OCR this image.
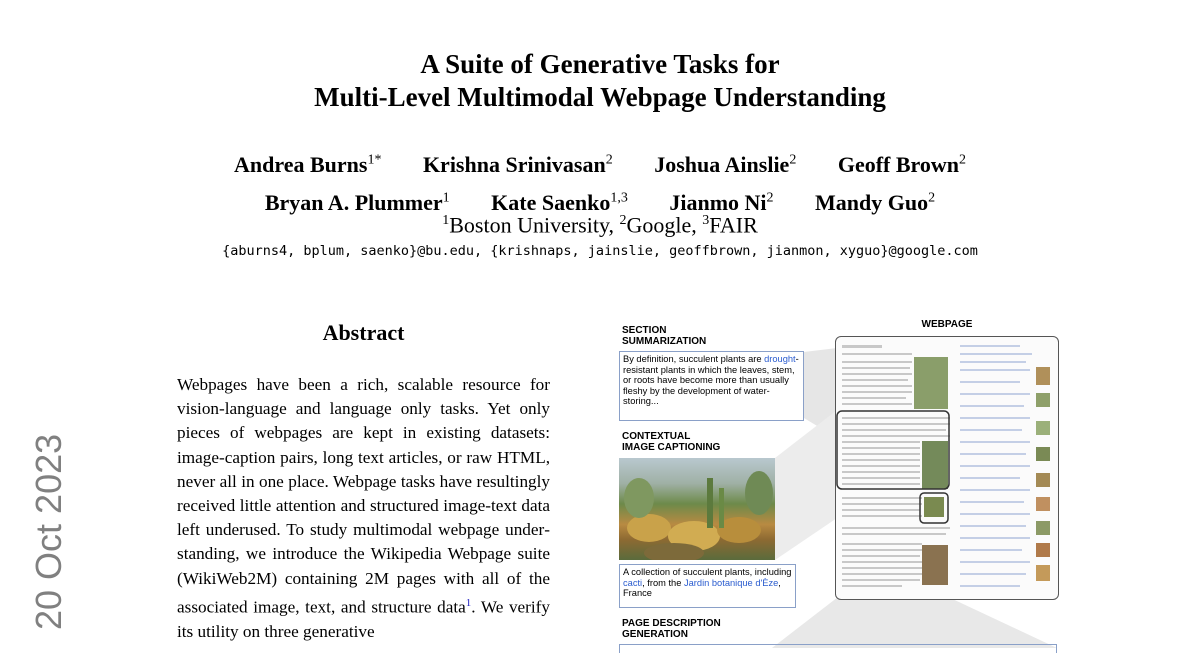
A Suite of Generative Tasks for
Multi-Level Multimodal Webpage Understanding
Andrea Burns$^{1*}$ Krishna Srinivasan$^2$ Joshua Ainslie$^2$ Geoff Brown$^2$
Bryan A. Plummer$^1$ Kate Saenko$^{1,3}$ Jianmo Ni$^2$ Mandy Guo$^2$
$^1$Boston University, $^2$Google, $^3$FAIR
{aburns4, bplum, saenko}@bu.edu, {krishnaps, jainslie, geoffbrown, jianmon, xyguo}@google.com
20 Oct 2023
Abstract
Webpages have been a rich, scalable resource for vision-language and language only tasks. Yet only pieces of webpages are kept in existing datasets: image-caption pairs, long text articles, or raw HTML, never all in one place. Webpage tasks have resultingly received little attention and structured image-text data left underused. To study multimodal webpage understanding, we introduce the Wikipedia Webpage suite (WikiWeb2M) containing 2M pages with all of the associated image, text, and structure data$^1$. We verify its utility on three generative
SECTION
SUMMARIZATION
By definition, succulent plants are drought-resistant plants in which the leaves, stem, or roots have become more than usually fleshy by the development of water-storing...
CONTEXTUAL
IMAGE CAPTIONING
A collection of succulent plants, including cacti, from the Jardin botanique d'Èze, France
WEBPAGE
PAGE DESCRIPTION
GENERATION
